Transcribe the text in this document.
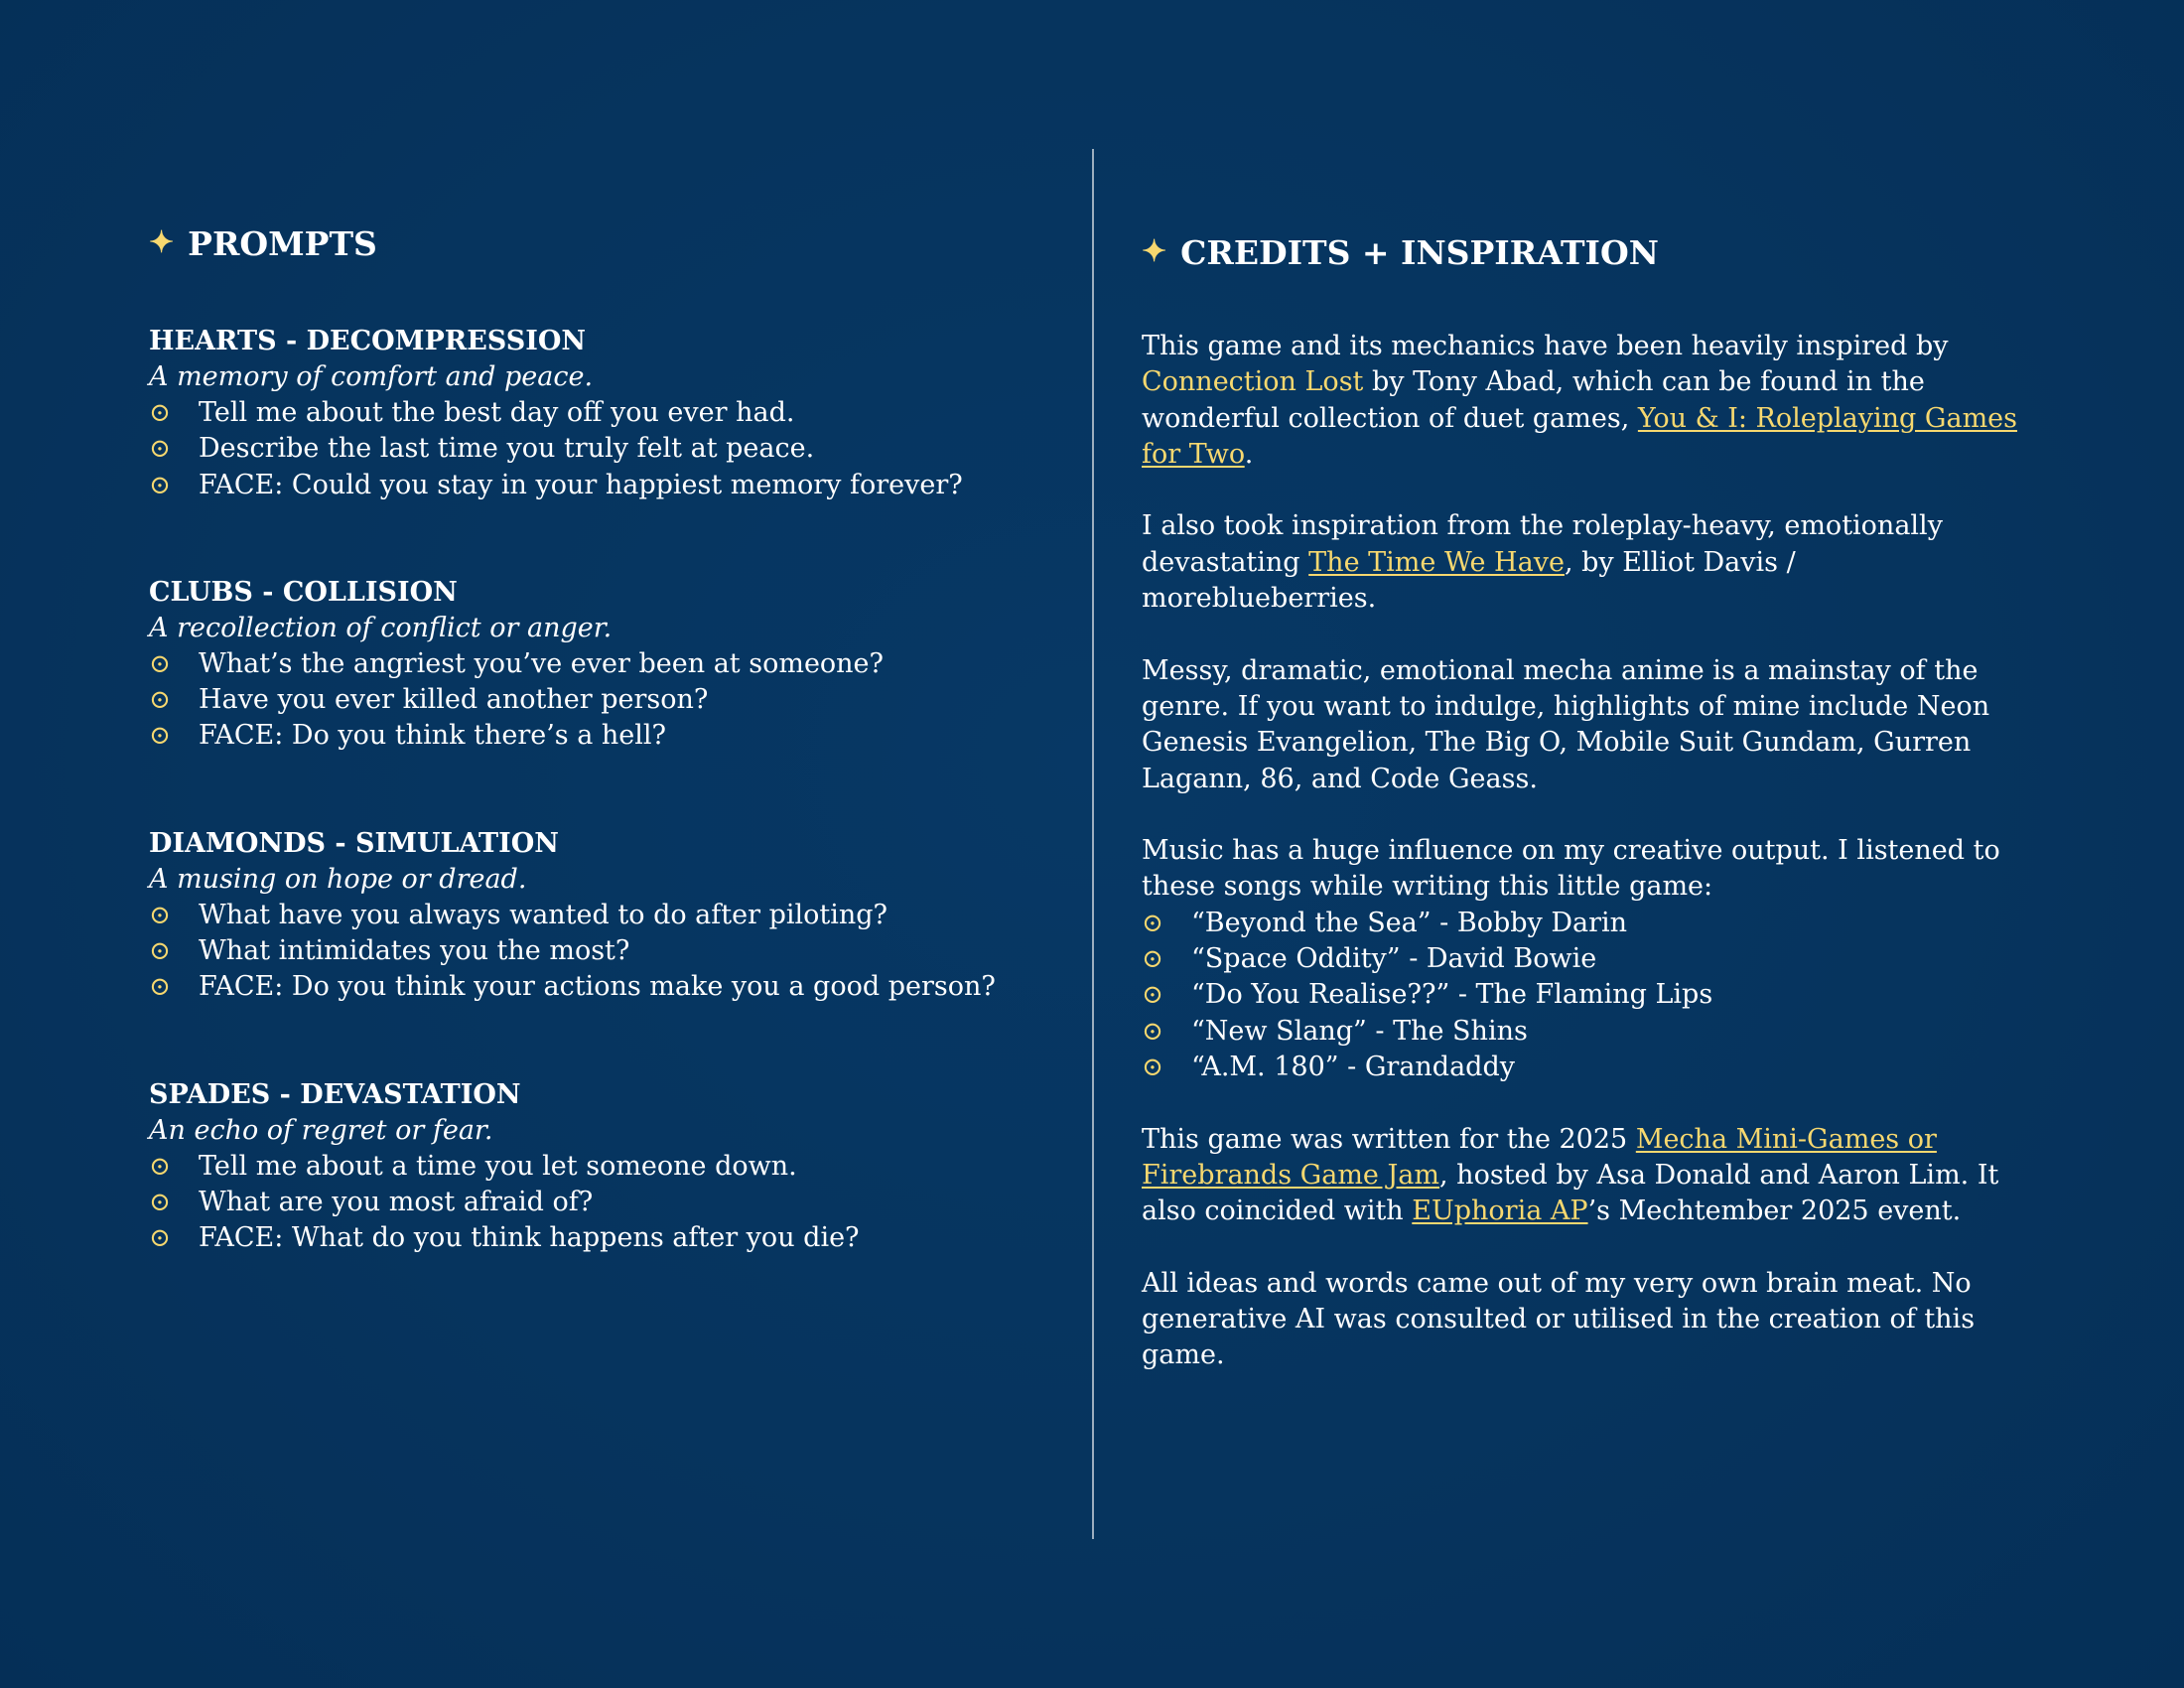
✦ PROMPTS
HEARTS - DECOMPRESSION
A memory of comfort and peace.
⊙	Tell me about the best day off you ever had.
⊙	Describe the last time you truly felt at peace.
⊙	FACE: Could you stay in your happiest memory forever?
CLUBS - COLLISION
A recollection of conflict or anger.
⊙	What’s the angriest you’ve ever been at someone?
⊙	Have you ever killed another person?
⊙	FACE: Do you think there’s a hell?
DIAMONDS - SIMULATION
A musing on hope or dread.
⊙	What have you always wanted to do after piloting?
⊙	What intimidates you the most?
⊙	FACE: Do you think your actions make you a good person?
SPADES - DEVASTATION
An echo of regret or fear.
⊙	Tell me about a time you let someone down.
⊙	What are you most afraid of?
⊙	FACE: What do you think happens after you die?
✦ CREDITS + INSPIRATION

This game and its mechanics have been heavily inspired by Connection Lost by Tony Abad, which can be found in the wonderful collection of duet games, You & I: Roleplaying Games for Two.

I also took inspiration from the roleplay-heavy, emotionally devastating The Time We Have, by Elliot Davis / moreblueberries.

Messy, dramatic, emotional mecha anime is a mainstay of the genre. If you want to indulge, highlights of mine include Neon Genesis Evangelion, The Big O, Mobile Suit Gundam, Gurren Lagann, 86, and Code Geass.

Music has a huge influence on my creative output. I listened to these songs while writing this little game:

⊙	“Beyond the Sea” - Bobby Darin
⊙	“Space Oddity” - David Bowie
⊙	“Do You Realise??” - The Flaming Lips
⊙	“New Slang” - The Shins
⊙	“A.M. 180” - Grandaddy

This game was written for the 2025 Mecha Mini-Games or Firebrands Game Jam, hosted by Asa Donald and Aaron Lim. It also coincided with EUphoria AP’s Mechtember 2025 event.

All ideas and words came out of my very own brain meat. No generative AI was consulted or utilised in the creation of this game.
